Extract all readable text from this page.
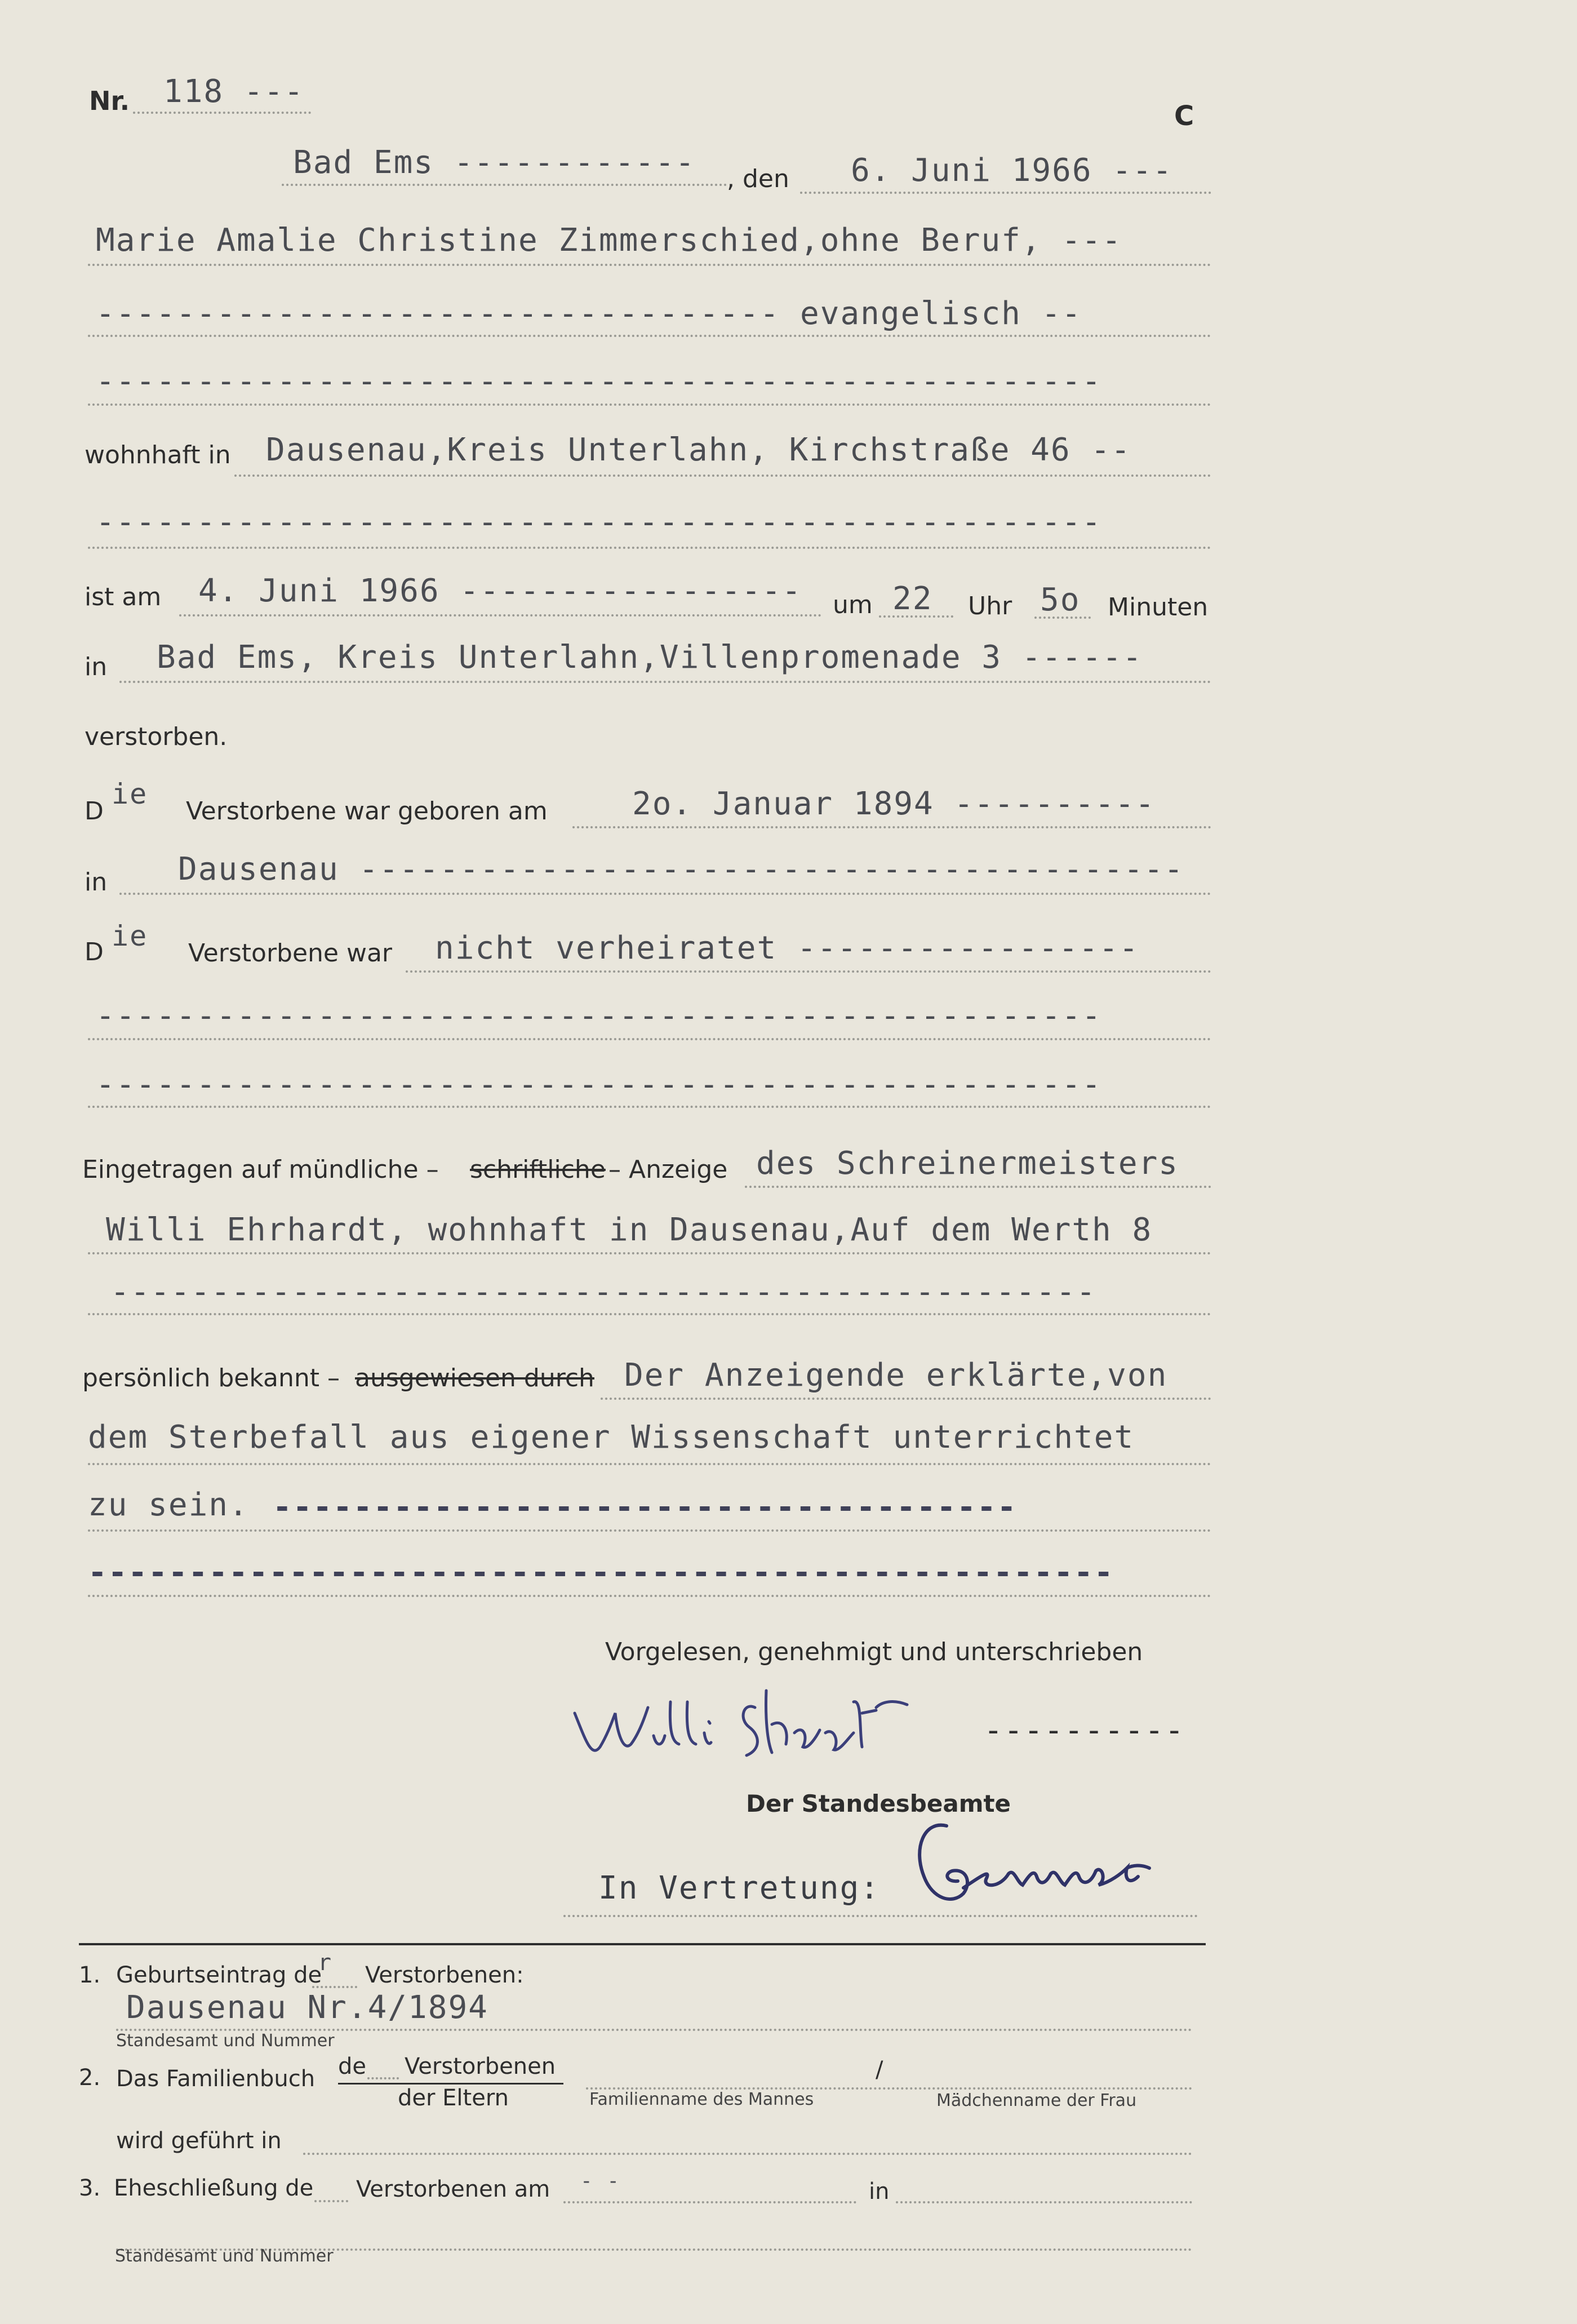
Nr. 118 ---
C
Bad Ems ------------ , den 6. Juni 1966 ---
Marie Amalie Christine Zimmerschied,ohne Beruf, ---
---------------------------------- evangelisch --
--------------------------------------------------
wohnhaft in Dausenau,Kreis Unterlahn, Kirchstraße 46 --
--------------------------------------------------
ist am 4. Juni 1966 ----------------- um 22 Uhr 5o Minuten
in Bad Ems, Kreis Unterlahn,Villenpromenade 3 ------
verstorben.
D
ie
Verstorbene war geboren am	2o. Januar 1894 ----------
in Dausenau -----------------------------------------
D ie
Verstorbene war nicht verheiratet -----------------
--------------------------------------------------
--------------------------------------------------
Eingetragen auf mündliche – schriftliche – Anzeige des Schreinermeisters
Willi Ehrhardt, wohnhaft in Dausenau,Auf dem Werth 8
-------------------------------------------------
persönlich bekannt – ausgewiesen durch Der Anzeigende erklärte,von
dem Sterbefall aus eigener Wissenschaft unterrichtet
zu sein. -------------------------------------
---------------------------------------------------
Vorgelesen, genehmigt und unterschrieben
----------
Der Standesbeamte
In Vertretung:
1. Geburtseintrag de
r Verstorbenen:
Dausenau Nr.4/1894
Standesamt und Nummer
2. Das Familienbuch de Verstorbenen
der Eltern
/
Familienname des Mannes	Mädchenname der Frau
wird geführt in
3. Eheschließung de Verstorbenen am - -	in
Standesamt und Nummer
